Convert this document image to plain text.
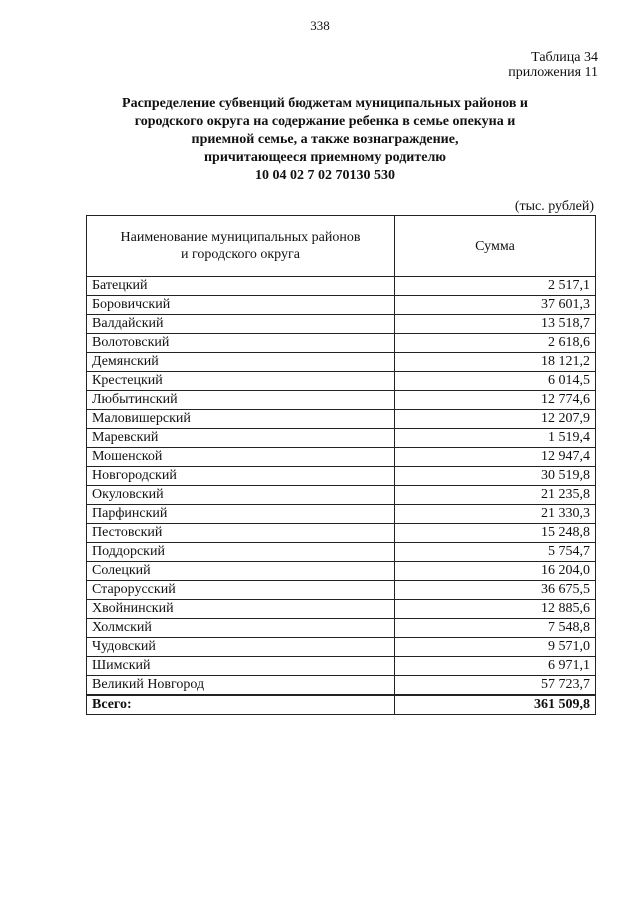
338
Таблица 34
приложения 11
Распределение субвенций бюджетам муниципальных районов и
городского округа на содержание ребенка в семье опекуна и
приемной семье, а также вознаграждение,
причитающееся приемному родителю
10 04 02 7 02 70130 530
(тыс. рублей)
Наименование муниципальных районов
и городского округа	Сумма
Батецкий	2 517,1
Боровичский	37 601,3
Валдайский	13 518,7
Волотовский	2 618,6
Демянский	18 121,2
Крестецкий	6 014,5
Любытинский	12 774,6
Маловишерский	12 207,9
Маревский	1 519,4
Мошенской	12 947,4
Новгородский	30 519,8
Окуловский	21 235,8
Парфинский	21 330,3
Пестовский	15 248,8
Поддорский	5 754,7
Солецкий	16 204,0
Старорусский	36 675,5
Хвойнинский	12 885,6
Холмский	7 548,8
Чудовский	9 571,0
Шимский	6 971,1
Великий Новгород	57 723,7
Всего:	361 509,8
